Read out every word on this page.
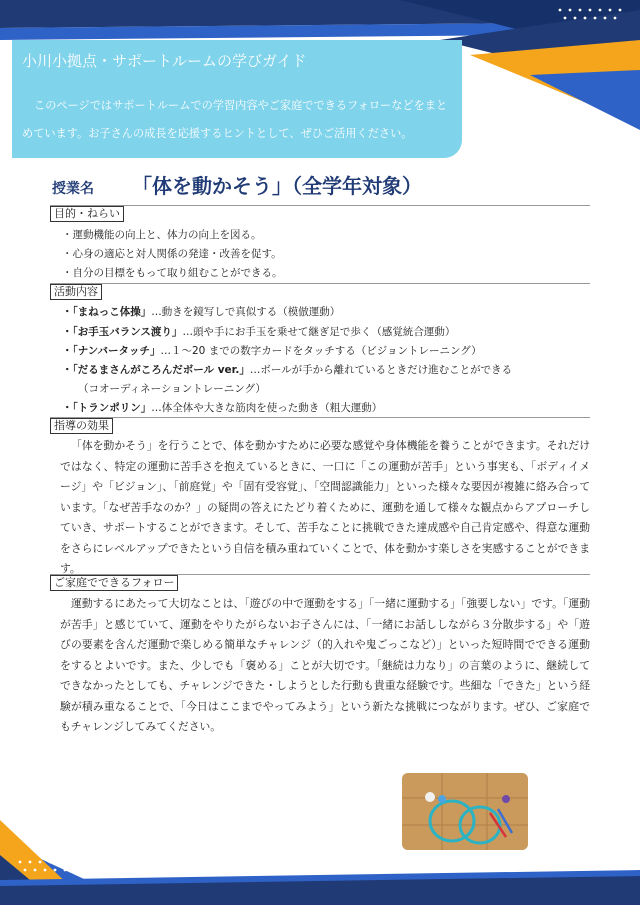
小川小拠点・サポートルームの学びガイド
このページではサポートルームでの学習内容やご家庭でできるフォローなどをまとめています。お子さんの成長を応援するヒントとして、ぜひご活用ください。
授業名	「体を動かそう」（全学年対象）
目的・ねらい
・運動機能の向上と、体力の向上を図る。
・心身の適応と対人関係の発達・改善を促す。
・自分の目標をもって取り組むことができる。
活動内容
・「まねっこ体操」…動きを鏡写しで真似する（模倣運動）
・「お手玉バランス渡り」…頭や手にお手玉を乗せて継ぎ足で歩く（感覚統合運動）
・「ナンバータッチ」…１～20 までの数字カードをタッチする（ビジョントレーニング）
・「だるまさんがころんだボール ver.」…ボールが手から離れているときだけ進むことができる
（コオーディネーショントレーニング）
・「トランポリン」…体全体や大きな筋肉を使った動き（粗大運動）
指導の効果
「体を動かそう」を行うことで、体を動かすために必要な感覚や身体機能を養うことができます。それだけではなく、特定の運動に苦手さを抱えているときに、一口に「この運動が苦手」という事実も、「ボディイメージ」や「ビジョン」、「前庭覚」や「固有受容覚」、「空間認識能力」といった様々な要因が複雑に絡み合っています。「なぜ苦手なのか？」の疑問の答えにたどり着くために、運動を通して様々な観点からアプローチしていき、サポートすることができます。そして、苦手なことに挑戦できた達成感や自己肯定感や、得意な運動をさらにレベルアップできたという自信を積み重ねていくことで、体を動かす楽しさを実感することができます。
ご家庭でできるフォロー
運動するにあたって大切なことは、「遊びの中で運動をする」「一緒に運動する」「強要しない」です。「運動が苦手」と感じていて、運動をやりたがらないお子さんには、「一緒にお話ししながら３分散歩する」や「遊びの要素を含んだ運動で楽しめる簡単なチャレンジ（的入れや鬼ごっこなど）」といった短時間でできる運動をするとよいです。また、少しでも「褒める」ことが大切です。「継続は力なり」の言葉のように、継続してできなかったとしても、チャレンジできた・しようとした行動も貴重な経験です。些細な「できた」という経験が積み重なることで、「今日はここまでやってみよう」という新たな挑戦につながります。ぜひ、ご家庭でもチャレンジしてみてください。
